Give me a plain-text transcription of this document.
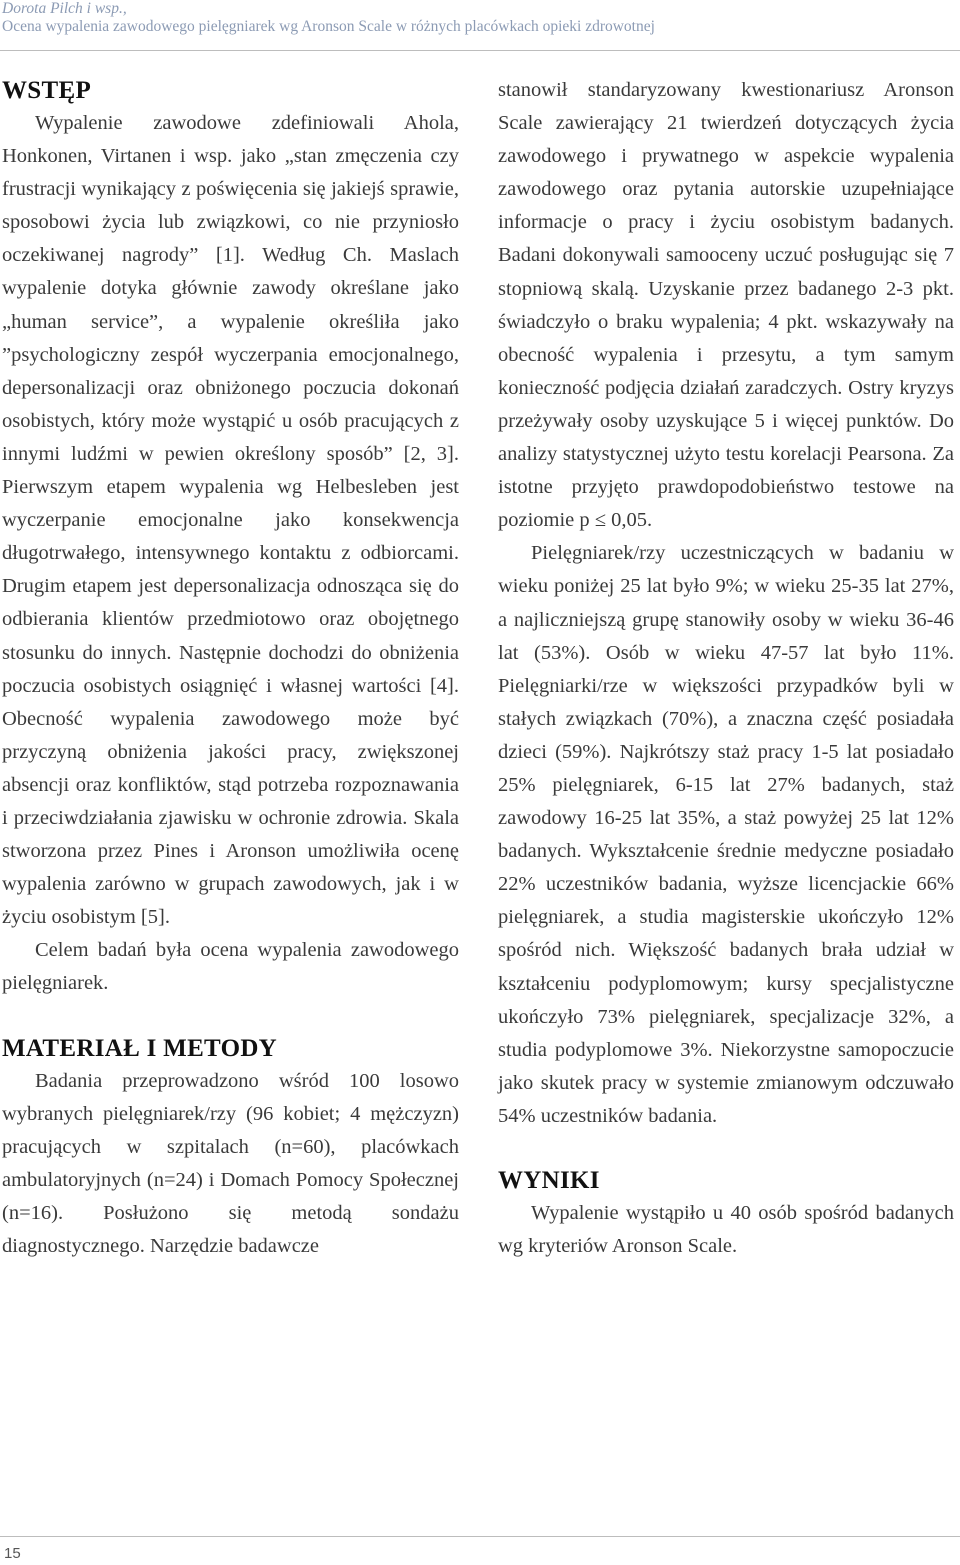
Dorota Pilch i wsp.,
Ocena wypalenia zawodowego pielęgniarek wg Aronson Scale w różnych placówkach opieki zdrowotnej
WSTĘP

Wypalenie zawodowe zdefiniowali Ahola, Honkonen, Virtanen i wsp. jako „stan zmęczenia czy frustracji wynikający z poświęcenia się jakiejś sprawie, sposobowi życia lub związkowi, co nie przyniosło oczekiwanej nagrody” [1]. Według Ch. Maslach wypalenie dotyka głównie zawody określane jako „human service”, a wypalenie określiła jako ”psychologiczny zespół wyczerpania emocjonalnego, depersonalizacji oraz obniżonego poczucia dokonań osobistych, który może wystąpić u osób pracujących z innymi ludźmi w pewien określony sposób” [2, 3]. Pierwszym etapem wypalenia wg Helbesleben jest wyczerpanie emocjonalne jako konsekwencja długotrwałego, intensywnego kontaktu z odbiorcami. Drugim etapem jest depersonalizacja odnosząca się do odbierania klientów przedmiotowo oraz obojętnego stosunku do innych. Następnie dochodzi do obniżenia poczucia osobistych osiągnięć i własnej wartości [4]. Obecność wypalenia zawodowego może być przyczyną obniżenia jakości pracy, zwiększonej absencji oraz konfliktów, stąd potrzeba rozpoznawania i przeciwdziałania zjawisku w ochronie zdrowia. Skala stworzona przez Pines i Aronson umożliwiła ocenę wypalenia zarówno w grupach zawodowych, jak i w życiu osobistym [5].

Celem badań była ocena wypalenia zawodowego pielęgniarek.

MATERIAŁ I METODY

Badania przeprowadzono wśród 100 losowo wybranych pielęgniarek/rzy (96 kobiet; 4 mężczyzn) pracujących w szpitalach (n=60), placówkach ambulatoryjnych (n=24) i Domach Pomocy Społecznej (n=16). Posłużono się metodą sondażu diagnostycznego. Narzędzie badawcze

stanowił standaryzowany kwestionariusz Aronson Scale zawierający 21 twierdzeń dotyczących życia zawodowego i prywatnego w aspekcie wypalenia zawodowego oraz pytania autorskie uzupełniające informacje o pracy i życiu osobistym badanych. Badani dokonywali samooceny uczuć posługując się 7 stopniową skalą. Uzyskanie przez badanego 2-3 pkt. świadczyło o braku wypalenia; 4 pkt. wskazywały na obecność wypalenia i przesytu, a tym samym konieczność podjęcia działań zaradczych. Ostry kryzys przeżywały osoby uzyskujące 5 i więcej punktów. Do analizy statystycznej użyto testu korelacji Pearsona. Za istotne przyjęto prawdopodobieństwo testowe na poziomie p ≤ 0,05.

Pielęgniarek/rzy uczestniczących w badaniu w wieku poniżej 25 lat było 9%; w wieku 25-35 lat 27%, a najliczniejszą grupę stanowiły osoby w wieku 36-46 lat (53%). Osób w wieku 47-57 lat było 11%. Pielęgniarki/rze w większości przypadków byli w stałych związkach (70%), a znaczna część posiadała dzieci (59%). Najkrótszy staż pracy 1-5 lat posiadało 25% pielęgniarek, 6-15 lat 27% badanych, staż zawodowy 16-25 lat 35%, a staż powyżej 25 lat 12% badanych. Wykształcenie średnie medyczne posiadało 22% uczestników badania, wyższe licencjackie 66% pielęgniarek, a studia magisterskie ukończyło 12% spośród nich. Większość badanych brała udział w kształceniu podyplomowym; kursy specjalistyczne ukończyło 73% pielęgniarek, specjalizacje 32%, a studia podyplomowe 3%. Niekorzystne samopoczucie jako skutek pracy w systemie zmianowym odczuwało 54% uczestników badania.

WYNIKI

Wypalenie wystąpiło u 40 osób spośród badanych wg kryteriów Aronson Scale.

15
